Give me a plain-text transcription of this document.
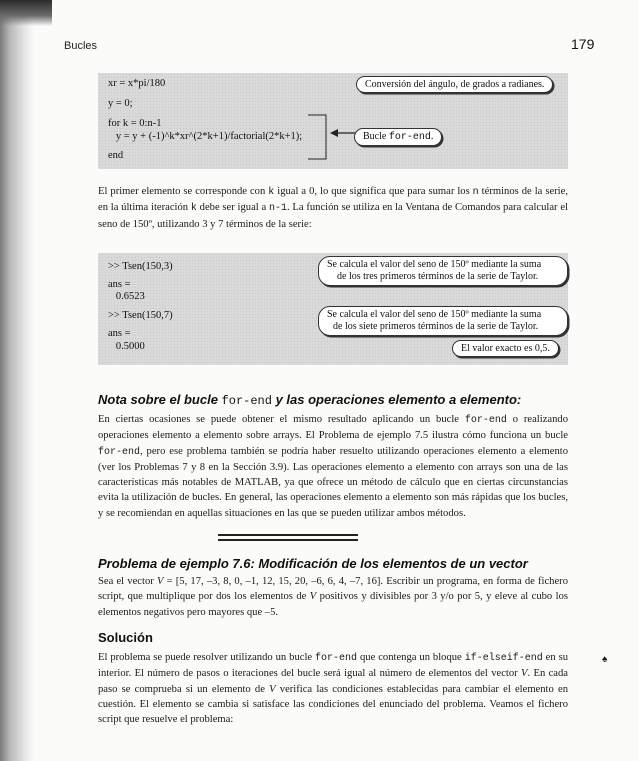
Bucles	179
xr = x*pi/180
y = 0;
for k = 0:n-1
y = y + (-1)^k*xr^(2*k+1)/factorial(2*k+1);
end
Conversión del ángulo, de grados a radianes.
Bucle for-end.
El primer elemento se corresponde con k igual a 0, lo que significa que para sumar los n términos de la serie, en la última iteración k debe ser igual a n-1. La función se utiliza en la Ventana de Comandos para calcular el seno de 150º, utilizando 3 y 7 términos de la serie:
>> Tsen(150,3)
ans =
0.6523
>> Tsen(150,7)
ans =
0.5000
Se calcula el valor del seno de 150º mediante la suma
de los tres primeros términos de la serie de Taylor.
Se calcula el valor del seno de 150º mediante la suma
de los siete primeros términos de la serie de Taylor.
El valor exacto es 0,5.
Nota sobre el bucle for-end y las operaciones elemento a elemento:
En ciertas ocasiones se puede obtener el mismo resultado aplicando un bucle for-end o realizando operaciones elemento a elemento sobre arrays. El Problema de ejemplo 7.5 ilustra cómo funciona un bucle for-end, pero ese problema también se podría haber resuelto utilizando operaciones elemento a elemento (ver los Problemas 7 y 8 en la Sección 3.9). Las operaciones elemento a elemento con arrays son una de las características más notables de MATLAB, ya que ofrece un método de cálculo que en ciertas circunstancias evita la utilización de bucles. En general, las operaciones elemento a elemento son más rápidas que los bucles, y se recomiendan en aquellas situaciones en las que se pueden utilizar ambos métodos.
Problema de ejemplo 7.6: Modificación de los elementos de un vector
Sea el vector V = [5, 17, –3, 8, 0, –1, 12, 15, 20, –6, 6, 4, –7, 16]. Escribir un programa, en forma de fichero script, que multiplique por dos los elementos de V positivos y divisibles por 3 y/o por 5, y eleve al cubo los elementos negativos pero mayores que –5.
Solución
El problema se puede resolver utilizando un bucle for-end que contenga un bloque if-elseif-end en su interior. El número de pasos o iteraciones del bucle será igual al número de elementos del vector V. En cada paso se comprueba si un elemento de V verifica las condiciones establecidas para cambiar el elemento en cuestión. El elemento se cambia si satisface las condiciones del enunciado del problema. Veamos el fichero script que resuelve el problema:
♠
